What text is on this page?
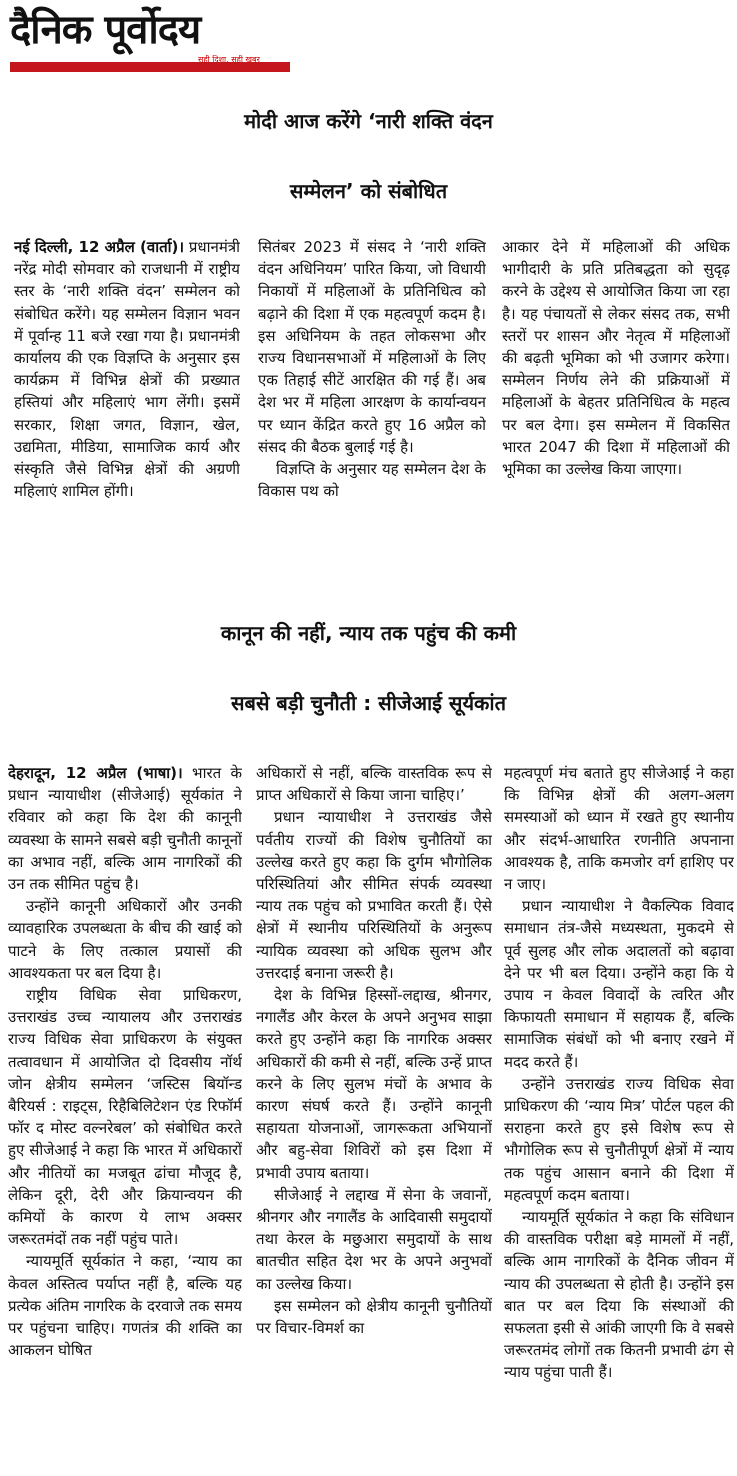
दैनिक पूर्वोदय
सही दिशा, सही खबर
मोदी आज करेंगे ‘नारी शक्ति वंदन
सम्मेलन’ को संबोधित

नई दिल्ली, 12 अप्रैल (वार्ता)। प्रधानमंत्री नरेंद्र मोदी सोमवार को राजधानी में राष्ट्रीय स्तर के ‘नारी शक्ति वंदन’ सम्मेलन को संबोधित करेंगे। यह सम्मेलन विज्ञान भवन में पूर्वान्ह 11 बजे रखा गया है। प्रधानमंत्री कार्यालय की एक विज्ञप्ति के अनुसार इस कार्यक्रम में विभिन्न क्षेत्रों की प्रख्यात हस्तियां और महिलाएं भाग लेंगी। इसमें सरकार, शिक्षा जगत, विज्ञान, खेल, उद्यमिता, मीडिया, सामाजिक कार्य और संस्कृति जैसे विभिन्न क्षेत्रों की अग्रणी महिलाएं शामिल होंगी।

सितंबर 2023 में संसद ने ‘नारी शक्ति वंदन अधिनियम’ पारित किया, जो विधायी निकायों में महिलाओं के प्रतिनिधित्व को बढ़ाने की दिशा में एक महत्वपूर्ण कदम है। इस अधिनियम के तहत लोकसभा और राज्य विधानसभाओं में महिलाओं के लिए एक तिहाई सीटें आरक्षित की गई हैं। अब देश भर में महिला आरक्षण के कार्यान्वयन पर ध्यान केंद्रित करते हुए 16 अप्रैल को संसद की बैठक बुलाई गई है।

विज्ञप्ति के अनुसार यह सम्मेलन देश के विकास पथ को

आकार देने में महिलाओं की अधिक भागीदारी के प्रति प्रतिबद्धता को सुदृढ़ करने के उद्देश्य से आयोजित किया जा रहा है। यह पंचायतों से लेकर संसद तक, सभी स्तरों पर शासन और नेतृत्व में महिलाओं की बढ़ती भूमिका को भी उजागर करेगा। सम्मेलन निर्णय लेने की प्रक्रियाओं में महिलाओं के बेहतर प्रतिनिधित्व के महत्व पर बल देगा। इस सम्मेलन में विकसित भारत 2047 की दिशा में महिलाओं की भूमिका का उल्लेख किया जाएगा।

कानून की नहीं, न्याय तक पहुंच की कमी
सबसे बड़ी चुनौती : सीजेआई सूर्यकांत

देहरादून, 12 अप्रैल (भाषा)। भारत के प्रधान न्यायाधीश (सीजेआई) सूर्यकांत ने रविवार को कहा कि देश की कानूनी व्यवस्था के सामने सबसे बड़ी चुनौती कानूनों का अभाव नहीं, बल्कि आम नागरिकों की उन तक सीमित पहुंच है।

उन्होंने कानूनी अधिकारों और उनकी व्यावहारिक उपलब्धता के बीच की खाई को पाटने के लिए तत्काल प्रयासों की आवश्यकता पर बल दिया है।

राष्ट्रीय विधिक सेवा प्राधिकरण, उत्तराखंड उच्च न्यायालय और उत्तराखंड राज्य विधिक सेवा प्राधिकरण के संयुक्त तत्वावधान में आयोजित दो दिवसीय नॉर्थ जोन क्षेत्रीय सम्मेलन ‘जस्टिस बियॉन्ड बैरियर्स : राइट्स, रिहैबिलिटेशन एंड रिफॉर्म फॉर द मोस्ट वल्नरेबल’ को संबोधित करते हुए सीजेआई ने कहा कि भारत में अधिकारों और नीतियों का मजबूत ढांचा मौजूद है, लेकिन दूरी, देरी और क्रियान्वयन की कमियों के कारण ये लाभ अक्सर जरूरतमंदों तक नहीं पहुंच पाते।

न्यायमूर्ति सूर्यकांत ने कहा, ‘न्याय का केवल अस्तित्व पर्याप्त नहीं है, बल्कि यह प्रत्येक अंतिम नागरिक के दरवाजे तक समय पर पहुंचना चाहिए। गणतंत्र की शक्ति का आकलन घोषित

अधिकारों से नहीं, बल्कि वास्तविक रूप से प्राप्त अधिकारों से किया जाना चाहिए।’

प्रधान न्यायाधीश ने उत्तराखंड जैसे पर्वतीय राज्यों की विशेष चुनौतियों का उल्लेख करते हुए कहा कि दुर्गम भौगोलिक परिस्थितियां और सीमित संपर्क व्यवस्था न्याय तक पहुंच को प्रभावित करती हैं। ऐसे क्षेत्रों में स्थानीय परिस्थितियों के अनुरूप न्यायिक व्यवस्था को अधिक सुलभ और उत्तरदाई बनाना जरूरी है।

देश के विभिन्न हिस्सों-लद्दाख, श्रीनगर, नगालैंड और केरल के अपने अनुभव साझा करते हुए उन्होंने कहा कि नागरिक अक्सर अधिकारों की कमी से नहीं, बल्कि उन्हें प्राप्त करने के लिए सुलभ मंचों के अभाव के कारण संघर्ष करते हैं। उन्होंने कानूनी सहायता योजनाओं, जागरूकता अभियानों और बहु-सेवा शिविरों को इस दिशा में प्रभावी उपाय बताया।

सीजेआई ने लद्दाख में सेना के जवानों, श्रीनगर और नगालैंड के आदिवासी समुदायों तथा केरल के मछुआरा समुदायों के साथ बातचीत सहित देश भर के अपने अनुभवों का उल्लेख किया।

इस सम्मेलन को क्षेत्रीय कानूनी चुनौतियों पर विचार-विमर्श का

महत्वपूर्ण मंच बताते हुए सीजेआई ने कहा कि विभिन्न क्षेत्रों की अलग-अलग समस्याओं को ध्यान में रखते हुए स्थानीय और संदर्भ-आधारित रणनीति अपनाना आवश्यक है, ताकि कमजोर वर्ग हाशिए पर न जाए।

प्रधान न्यायाधीश ने वैकल्पिक विवाद समाधान तंत्र-जैसे मध्यस्थता, मुकदमे से पूर्व सुलह और लोक अदालतों को बढ़ावा देने पर भी बल दिया। उन्होंने कहा कि ये उपाय न केवल विवादों के त्वरित और किफायती समाधान में सहायक हैं, बल्कि सामाजिक संबंधों को भी बनाए रखने में मदद करते हैं।

उन्होंने उत्तराखंड राज्य विधिक सेवा प्राधिकरण की ‘न्याय मित्र’ पोर्टल पहल की सराहना करते हुए इसे विशेष रूप से भौगोलिक रूप से चुनौतीपूर्ण क्षेत्रों में न्याय तक पहुंच आसान बनाने की दिशा में महत्वपूर्ण कदम बताया।

न्यायमूर्ति सूर्यकांत ने कहा कि संविधान की वास्तविक परीक्षा बड़े मामलों में नहीं, बल्कि आम नागरिकों के दैनिक जीवन में न्याय की उपलब्धता से होती है। उन्होंने इस बात पर बल दिया कि संस्थाओं की सफलता इसी से आंकी जाएगी कि वे सबसे जरूरतमंद लोगों तक कितनी प्रभावी ढंग से न्याय पहुंचा पाती हैं।
